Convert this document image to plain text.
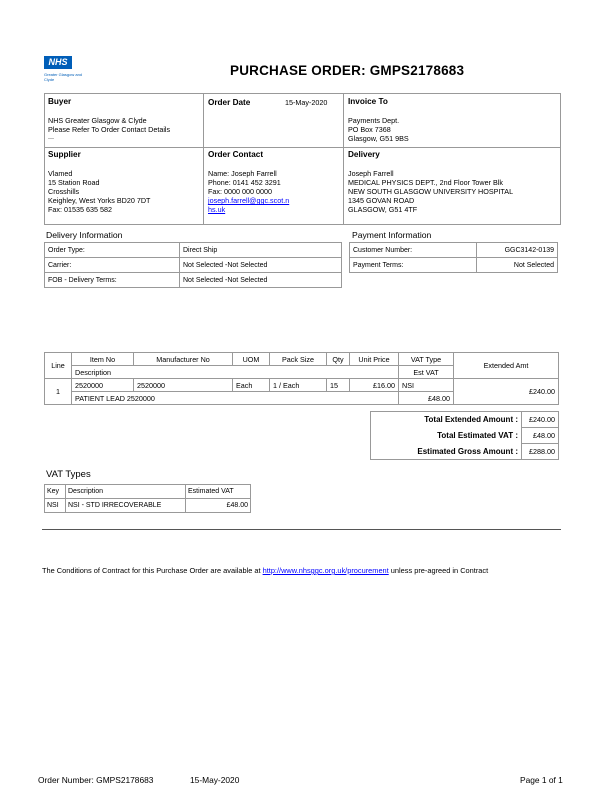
NHS
Greater Glasgow and Clyde
PURCHASE ORDER: GMPS2178683
Buyer
NHS Greater Glasgow & Clyde
Please Refer To Order Contact Details
...
Order Date	15-May-2020	Invoice To
Payments Dept.
PO Box 7368
Glasgow, G51 9BS
Supplier
Vlamed
15 Station Road
Crosshills
Keighley, West Yorks BD20 7DT
Fax: 01535 635 582
Order Contact
Name: Joseph Farrell
Phone: 0141 452 3291
Fax: 0000 000 0000
joseph.farrell@ggc.scot.n
hs.uk
Delivery
Joseph Farrell
MEDICAL PHYSICS DEPT., 2nd Floor Tower Blk
NEW SOUTH GLASGOW UNIVERSITY HOSPITAL
1345 GOVAN ROAD
GLASGOW, G51 4TF
Delivery Information
Order Type:	Direct Ship
Carrier:	Not Selected -Not Selected
FOB - Delivery Terms:	Not Selected -Not Selected
Payment Information
Customer Number:	GGC3142-0139
Payment Terms:	Not Selected
Line	Item No	Manufacturer No	UOM	Pack Size	Qty	Unit Price	VAT Type	Extended Amt
	Description						Est VAT	
1	2520000	2520000	Each	1 / Each	15	£16.00	NSI	£240.00
	PATIENT LEAD 2520000						£48.00	
Total Extended Amount :	£240.00
Total Estimated VAT :	£48.00
Estimated Gross Amount :	£288.00
VAT Types
Key	Description	Estimated VAT
NSI	NSI - STD IRRECOVERABLE	£48.00
The Conditions of Contract for this Purchase Order are available at http://www.nhsggc.org.uk/procurement unless pre-agreed in Contract
Order Number: GMPS2178683	15-May-2020	Page 1 of 1
